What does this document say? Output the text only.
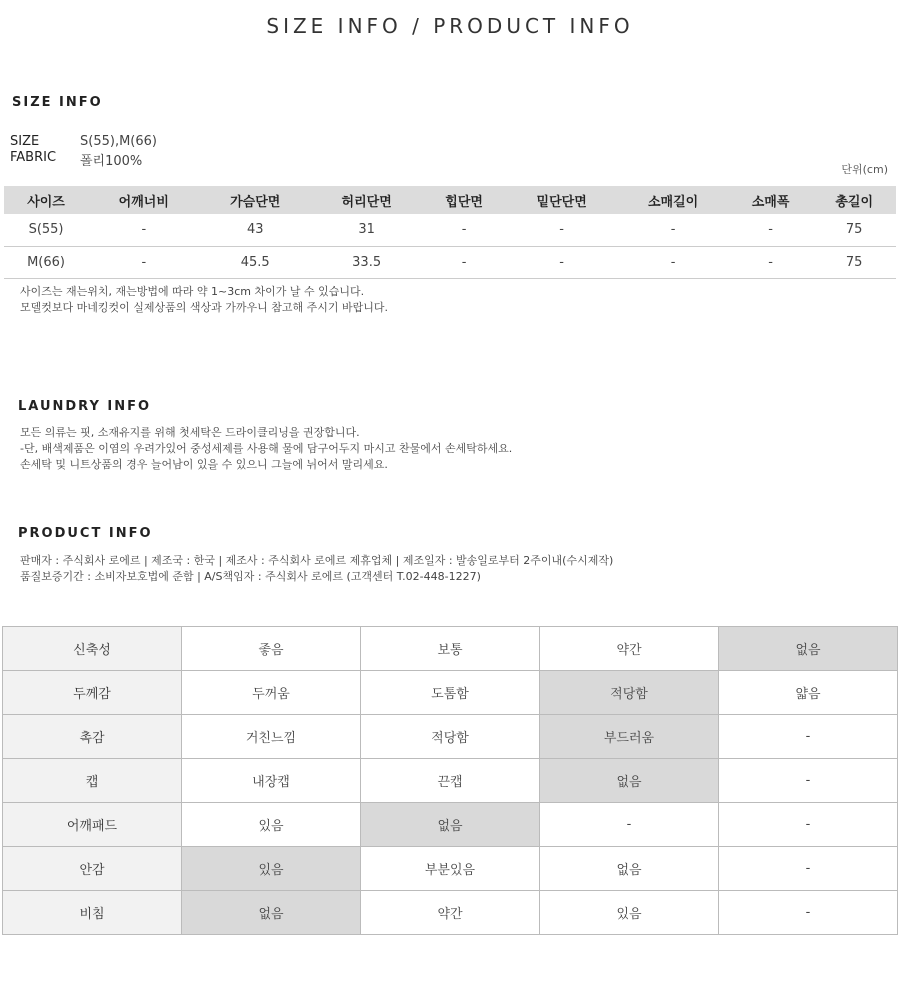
SIZE INFO / PRODUCT INFO
SIZE INFO
SIZE	S(55),M(66)
FABRIC	폴리100%
단위(cm)
사이즈	어깨너비	가슴단면	허리단면	힙단면	밑단단면	소매길이	소매폭	총길이
S(55)	-	43	31	-	-	-	-	75
M(66)	-	45.5	33.5	-	-	-	-	75
사이즈는 재는위치, 재는방법에 따라 약 1~3cm 차이가 날 수 있습니다.
모델컷보다 마네킹컷이 실제상품의 색상과 가까우니 참고해 주시기 바랍니다.
LAUNDRY INFO
모든 의류는 핏, 소재유지를 위해 첫세탁은 드라이클리닝을 권장합니다.
-단, 배색제품은 이염의 우려가있어 중성세제를 사용해 물에 담구어두지 마시고 찬물에서 손세탁하세요.
손세탁 및 니트상품의 경우 늘어남이 있을 수 있으니 그늘에 뉘어서 말리세요.
PRODUCT INFO
판매자 : 주식회사 로에르 | 제조국 : 한국 | 제조사 : 주식회사 로에르 제휴업체 | 제조일자 : 발송일로부터 2주이내(수시제작)
품질보증기간 : 소비자보호법에 준함 | A/S책임자 : 주식회사 로에르 (고객센터 T.02-448-1227)
신축성	좋음	보통	약간	없음
두께감	두꺼움	도톰함	적당함	얇음
촉감	거친느낌	적당함	부드러움	-
캡	내장캡	끈캡	없음	-
어깨패드	있음	없음	-	-
안감	있음	부분있음	없음	-
비침	없음	약간	있음	-
